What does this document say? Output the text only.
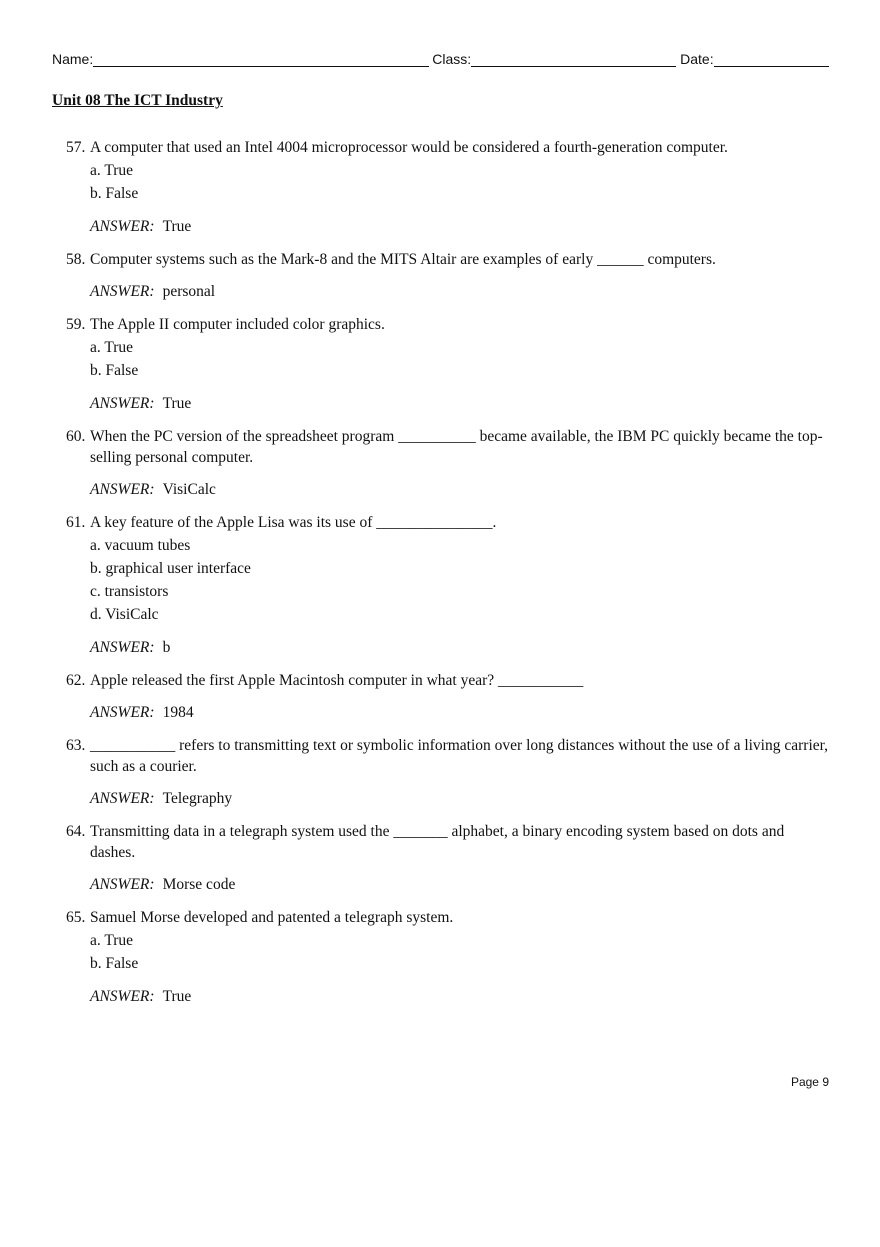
Name:	Class:	Date:
Unit 08 The ICT Industry
57. A computer that used an Intel 4004 microprocessor would be considered a fourth-generation computer.
a. True
b. False
ANSWER: True
58. Computer systems such as the Mark-8 and the MITS Altair are examples of early ______ computers.
ANSWER: personal
59. The Apple II computer included color graphics.
a. True
b. False
ANSWER: True
60. When the PC version of the spreadsheet program __________ became available, the IBM PC quickly became the top-selling personal computer.
ANSWER: VisiCalc
61. A key feature of the Apple Lisa was its use of _______________.
a. vacuum tubes
b. graphical user interface
c. transistors
d. VisiCalc
ANSWER: b
62. Apple released the first Apple Macintosh computer in what year? ___________
ANSWER: 1984
63. ___________ refers to transmitting text or symbolic information over long distances without the use of a living carrier, such as a courier.
ANSWER: Telegraphy
64. Transmitting data in a telegraph system used the _______ alphabet, a binary encoding system based on dots and dashes.
ANSWER: Morse code
65. Samuel Morse developed and patented a telegraph system.
a. True
b. False
ANSWER: True
Page 9
